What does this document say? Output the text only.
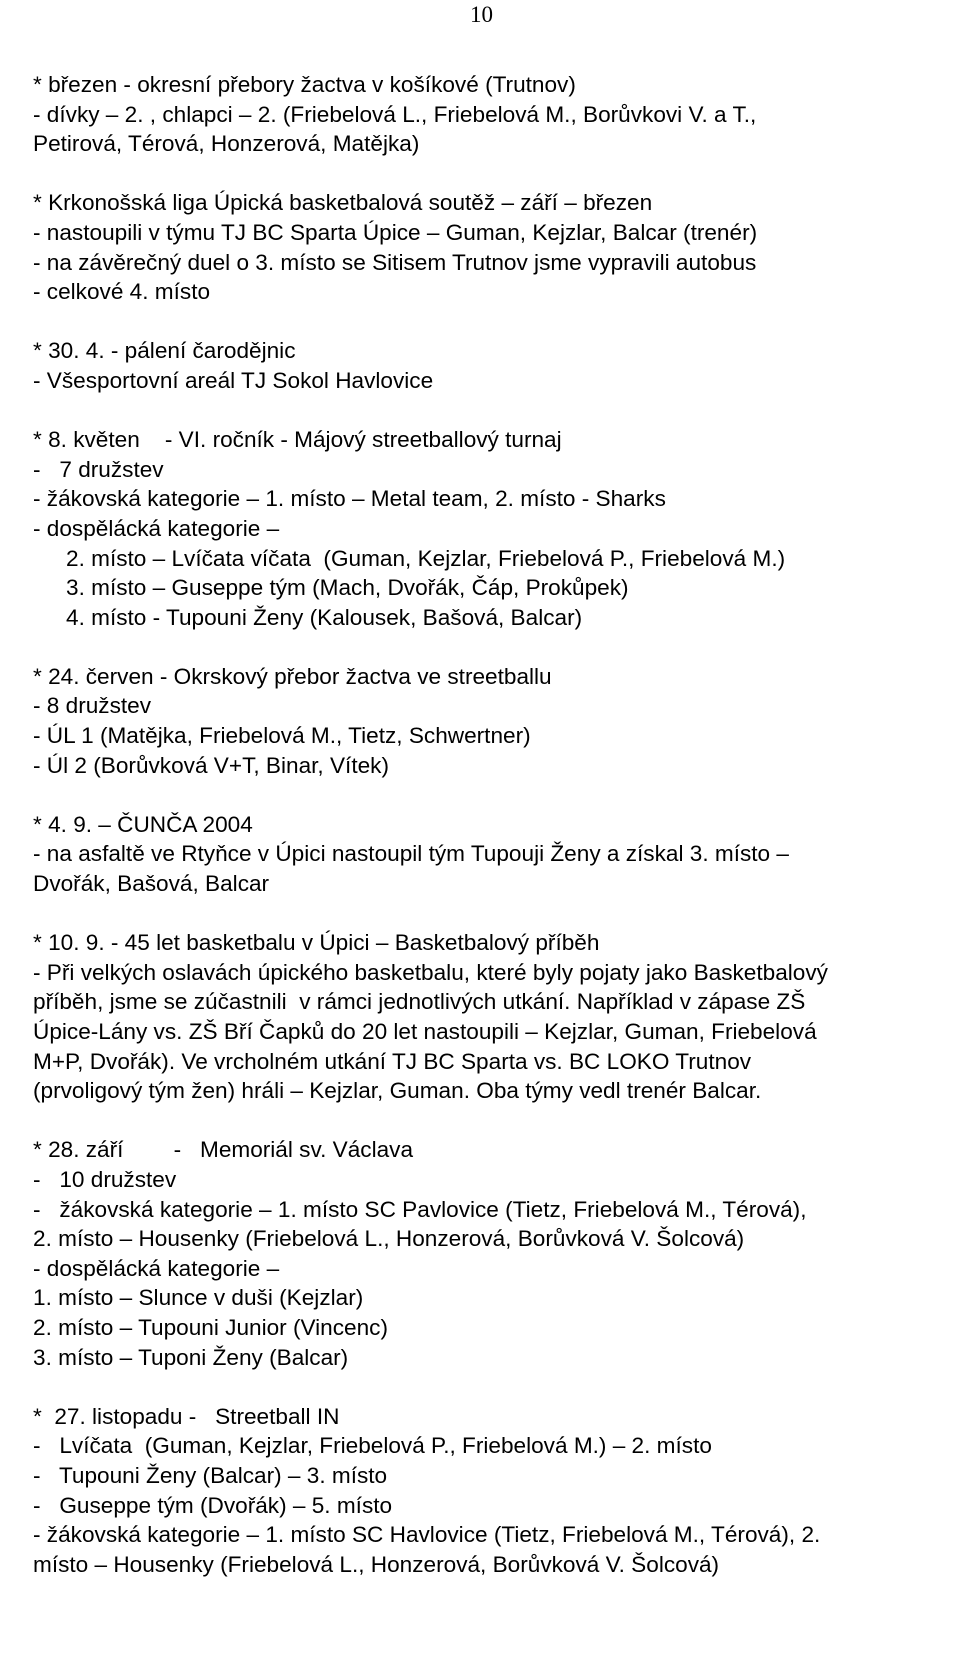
10
* březen - okresní přebory žactva v košíkové (Trutnov)
- dívky – 2. , chlapci – 2. (Friebelová L., Friebelová M., Borůvkovi V. a T.,
Petirová, Térová, Honzerová, Matějka)
* Krkonošská liga Úpická basketbalová soutěž – září – březen
- nastoupili v týmu TJ BC Sparta Úpice – Guman, Kejzlar, Balcar (trenér)
- na závěrečný duel o 3. místo se Sitisem Trutnov jsme vypravili autobus
- celkové 4. místo
* 30. 4. - pálení čarodějnic
- Všesportovní areál TJ Sokol Havlovice
* 8. květen    - VI. ročník - Májový streetballový turnaj
-   7 družstev
- žákovská kategorie – 1. místo – Metal team, 2. místo - Sharks
- dospělácká kategorie –
2. místo – Lvíčata víčata  (Guman, Kejzlar, Friebelová P., Friebelová M.)
3. místo – Guseppe tým (Mach, Dvořák, Čáp, Prokůpek)
4. místo - Tupouni Ženy (Kalousek, Bašová, Balcar)
* 24. červen - Okrskový přebor žactva ve streetballu
- 8 družstev
- ÚL 1 (Matějka, Friebelová M., Tietz, Schwertner)
- Úl 2 (Borůvková V+T, Binar, Vítek)
* 4. 9. – ČUNČA 2004
- na asfaltě ve Rtyňce v Úpici nastoupil tým Tupouji Ženy a získal 3. místo –
Dvořák, Bašová, Balcar
* 10. 9. - 45 let basketbalu v Úpici – Basketbalový příběh
- Při velkých oslavách úpického basketbalu, které byly pojaty jako Basketbalový
příběh, jsme se zúčastnili  v rámci jednotlivých utkání. Například v zápase ZŠ
Úpice-Lány vs. ZŠ Bří Čapků do 20 let nastoupili – Kejzlar, Guman, Friebelová
M+P, Dvořák). Ve vrcholném utkání TJ BC Sparta vs. BC LOKO Trutnov
(prvoligový tým žen) hráli – Kejzlar, Guman. Oba týmy vedl trenér Balcar.
* 28. září        -   Memoriál sv. Václava
-   10 družstev
-   žákovská kategorie – 1. místo SC Pavlovice (Tietz, Friebelová M., Térová),
2. místo – Housenky (Friebelová L., Honzerová, Borůvková V. Šolcová)
- dospělácká kategorie –
1. místo – Slunce v duši (Kejzlar)
2. místo – Tupouni Junior (Vincenc)
3. místo – Tuponi Ženy (Balcar)
*  27. listopadu -   Streetball IN
-   Lvíčata  (Guman, Kejzlar, Friebelová P., Friebelová M.) – 2. místo
-   Tupouni Ženy (Balcar) – 3. místo
-   Guseppe tým (Dvořák) – 5. místo
- žákovská kategorie – 1. místo SC Havlovice (Tietz, Friebelová M., Térová), 2.
místo – Housenky (Friebelová L., Honzerová, Borůvková V. Šolcová)
